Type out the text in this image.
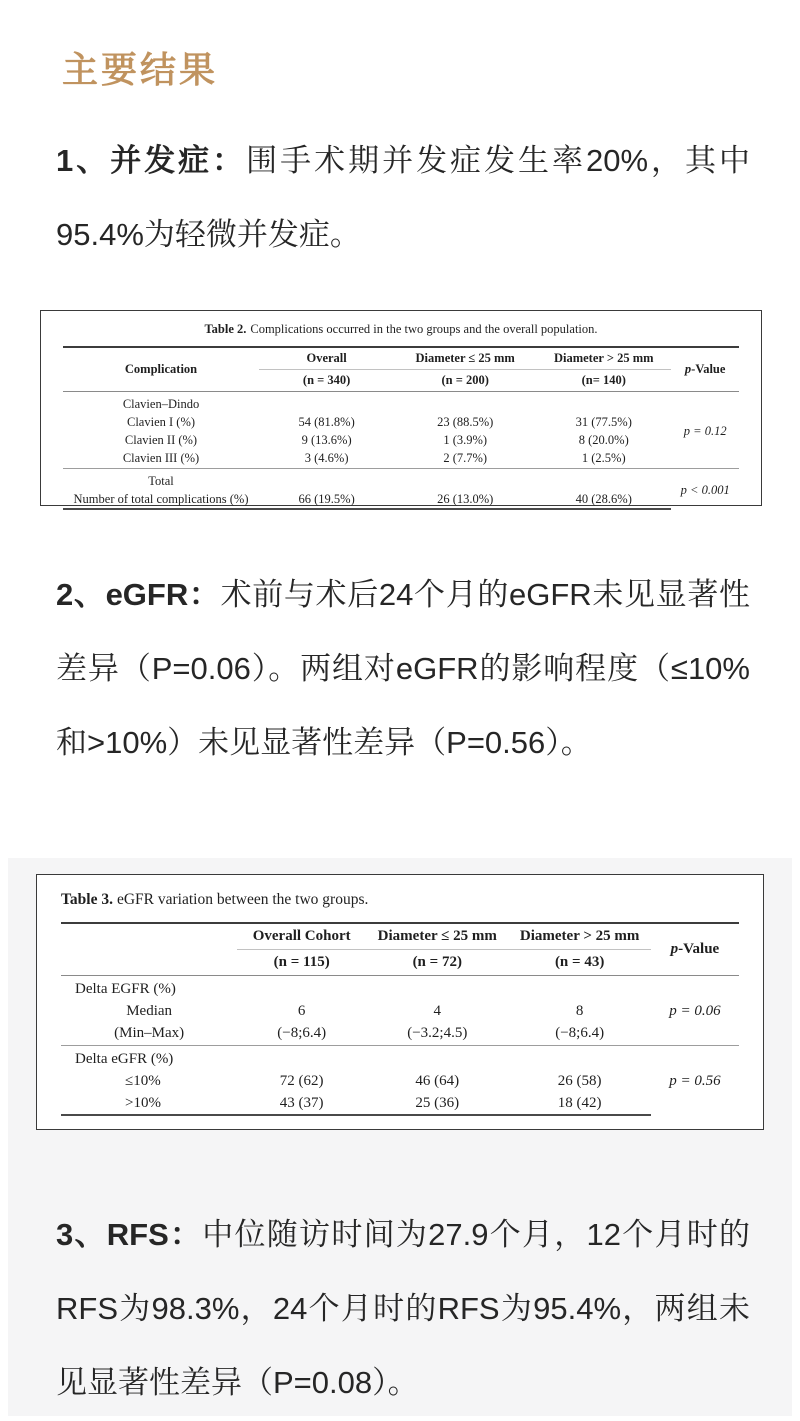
主要结果

1、并发症：围手术期并发症发生率20%，其中95.4%为轻微并发症。

Table 2. Complications occurred in the two groups and the overall population.
Complication	Overall	Diameter ≤ 25 mm	Diameter > 25 mm	p-Value
	(n = 340)	(n = 200)	(n= 140)	
Clavien–Dindo				p = 0.12
Clavien I (%)	54 (81.8%)	23 (88.5%)	31 (77.5%)	
Clavien II (%)	9 (13.6%)	1 (3.9%)	8 (20.0%)	
Clavien III (%)	3 (4.6%)	2 (7.7%)	1 (2.5%)	
Total				p < 0.001
Number of total complications (%)	66 (19.5%)	26 (13.0%)	40 (28.6%)	

2、eGFR：术前与术后24个月的eGFR未见显著性差异（P=0.06）。两组对eGFR的影响程度（≤10%和>10%）未见显著性差异（P=0.56）。

Table 3. eGFR variation between the two groups.
	Overall Cohort	Diameter ≤ 25 mm	Diameter > 25 mm	p-Value
	(n = 115)	(n = 72)	(n = 43)	
Delta EGFR (%)				p = 0.06
Median	6	4	8	
(Min–Max)	(−8;6.4)	(−3.2;4.5)	(−8;6.4)	
Delta eGFR (%)				p = 0.56
≤10%	72 (62)	46 (64)	26 (58)	
>10%	43 (37)	25 (36)	18 (42)	

3、RFS：中位随访时间为27.9个月，12个月时的RFS为98.3%，24个月时的RFS为95.4%，两组未见显著性差异（P=0.08）。
